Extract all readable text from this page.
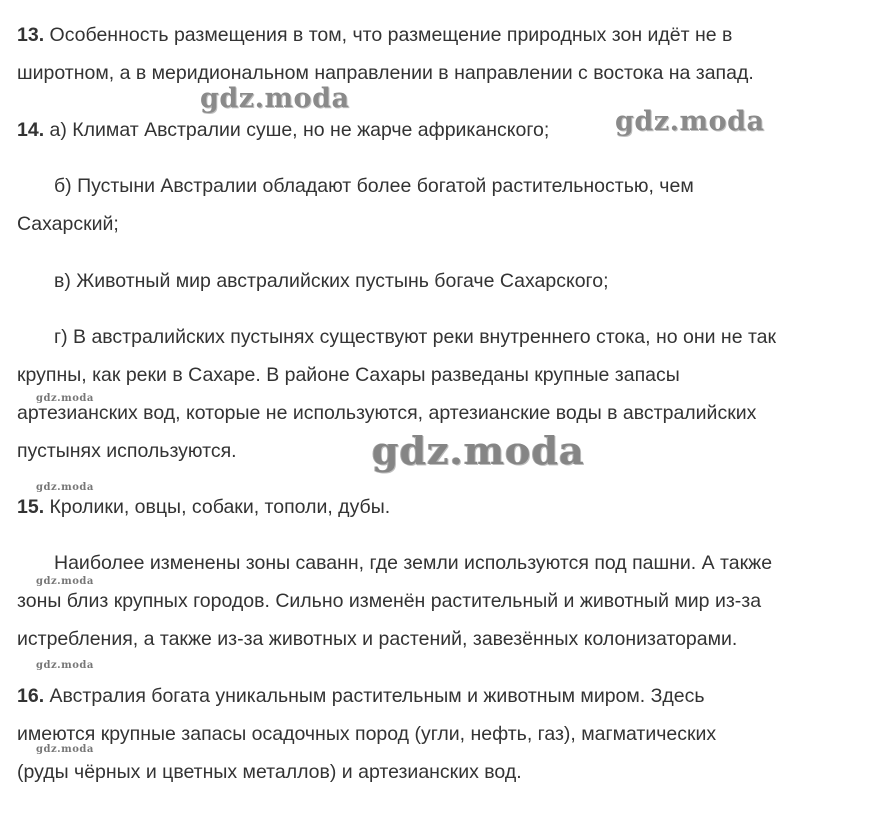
13. Особенность размещения в том, что размещение природных зон идёт не в
широтном, а в меридиональном направлении в направлении с востока на запад.
14. а) Климат Австралии суше, но не жарче африканского;
б) Пустыни Австралии обладают более богатой растительностью, чем
Сахарский;
в) Животный мир австралийских пустынь богаче Сахарского;
г) В австралийских пустынях существуют реки внутреннего стока, но они не так
крупны, как реки в Сахаре. В районе Сахары разведаны крупные запасы
артезианских вод, которые не используются, артезианские воды в австралийских
пустынях используются.
15. Кролики, овцы, собаки, тополи, дубы.
Наиболее изменены зоны саванн, где земли используются под пашни. А также
зоны близ крупных городов. Сильно изменён растительный и животный мир из-за
истребления, а также из-за животных и растений, завезённых колонизаторами.
16. Австралия богата уникальным растительным и животным миром. Здесь
имеются крупные запасы осадочных пород (угли, нефть, газ), магматических
(руды чёрных и цветных металлов) и артезианских вод.
gdz.moda
gdz.moda
gdz.moda
gdz.moda
gdz.moda
gdz.moda
gdz.moda
gdz.moda
